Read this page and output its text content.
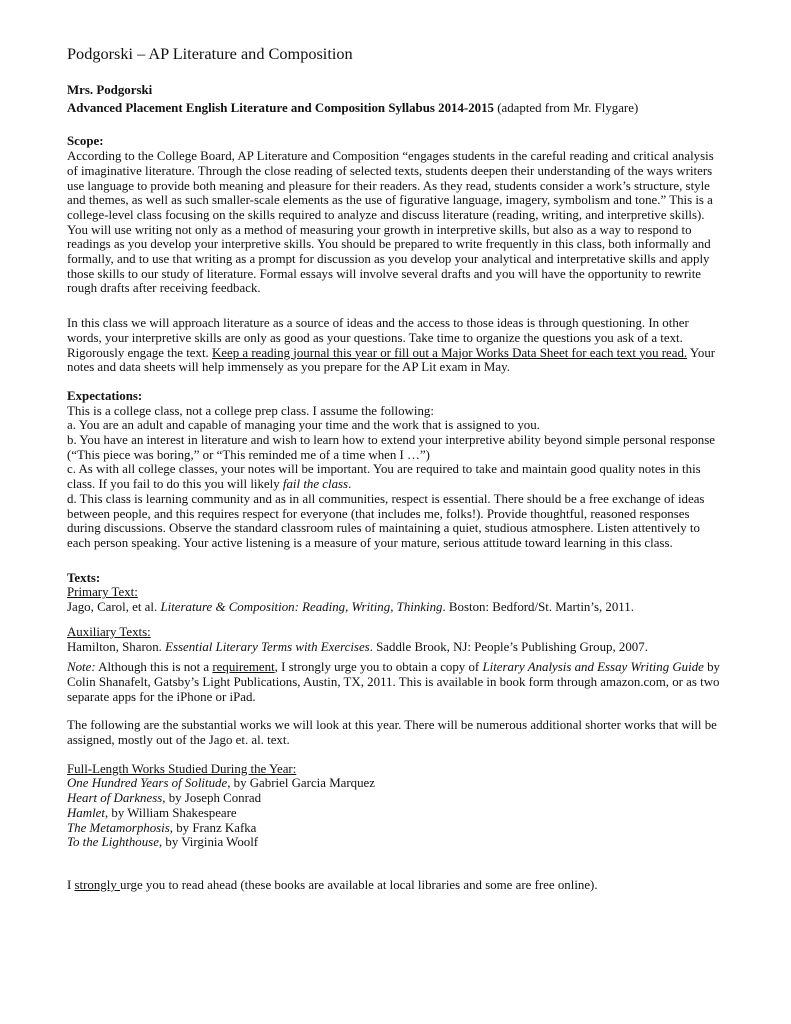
Podgorski – AP Literature and Composition

Mrs. Podgorski

Advanced Placement English Literature and Composition Syllabus 2014-2015 (adapted from Mr. Flygare)

Scope:

According to the College Board, AP Literature and Composition “engages students in the careful reading and critical analysis of imaginative literature. Through the close reading of selected texts, students deepen their understanding of the ways writers use language to provide both meaning and pleasure for their readers. As they read, students consider a work’s structure, style and themes, as well as such smaller-scale elements as the use of figurative language, imagery, symbolism and tone.” This is a college-level class focusing on the skills required to analyze and discuss literature (reading, writing, and interpretive skills). You will use writing not only as a method of measuring your growth in interpretive skills, but also as a way to respond to readings as you develop your interpretive skills. You should be prepared to write frequently in this class, both informally and formally, and to use that writing as a prompt for discussion as you develop your analytical and interpretative skills and apply those skills to our study of literature. Formal essays will involve several drafts and you will have the opportunity to rewrite rough drafts after receiving feedback.

In this class we will approach literature as a source of ideas and the access to those ideas is through questioning. In other words, your interpretive skills are only as good as your questions. Take time to organize the questions you ask of a text. Rigorously engage the text. Keep a reading journal this year or fill out a Major Works Data Sheet for each text you read. Your notes and data sheets will help immensely as you prepare for the AP Lit exam in May.

Expectations:

This is a college class, not a college prep class. I assume the following:

a. You are an adult and capable of managing your time and the work that is assigned to you.

b. You have an interest in literature and wish to learn how to extend your interpretive ability beyond simple personal response (“This piece was boring,” or “This reminded me of a time when I …”)

c. As with all college classes, your notes will be important. You are required to take and maintain good quality notes in this class. If you fail to do this you will likely fail the class.

d. This class is learning community and as in all communities, respect is essential. There should be a free exchange of ideas between people, and this requires respect for everyone (that includes me, folks!). Provide thoughtful, reasoned responses during discussions. Observe the standard classroom rules of maintaining a quiet, studious atmosphere. Listen attentively to each person speaking. Your active listening is a measure of your mature, serious attitude toward learning in this class.

Texts:

Primary Text:

Jago, Carol, et al. Literature & Composition: Reading, Writing, Thinking. Boston: Bedford/St. Martin’s, 2011.

Auxiliary Texts:

Hamilton, Sharon. Essential Literary Terms with Exercises. Saddle Brook, NJ: People’s Publishing Group, 2007.

Note: Although this is not a requirement, I strongly urge you to obtain a copy of Literary Analysis and Essay Writing Guide by Colin Shanafelt, Gatsby’s Light Publications, Austin, TX, 2011. This is available in book form through amazon.com, or as two separate apps for the iPhone or iPad.

The following are the substantial works we will look at this year. There will be numerous additional shorter works that will be assigned, mostly out of the Jago et. al. text.

Full-Length Works Studied During the Year:

One Hundred Years of Solitude, by Gabriel Garcia Marquez

Heart of Darkness, by Joseph Conrad

Hamlet, by William Shakespeare

The Metamorphosis, by Franz Kafka

To the Lighthouse, by Virginia Woolf

I strongly urge you to read ahead (these books are available at local libraries and some are free online).
